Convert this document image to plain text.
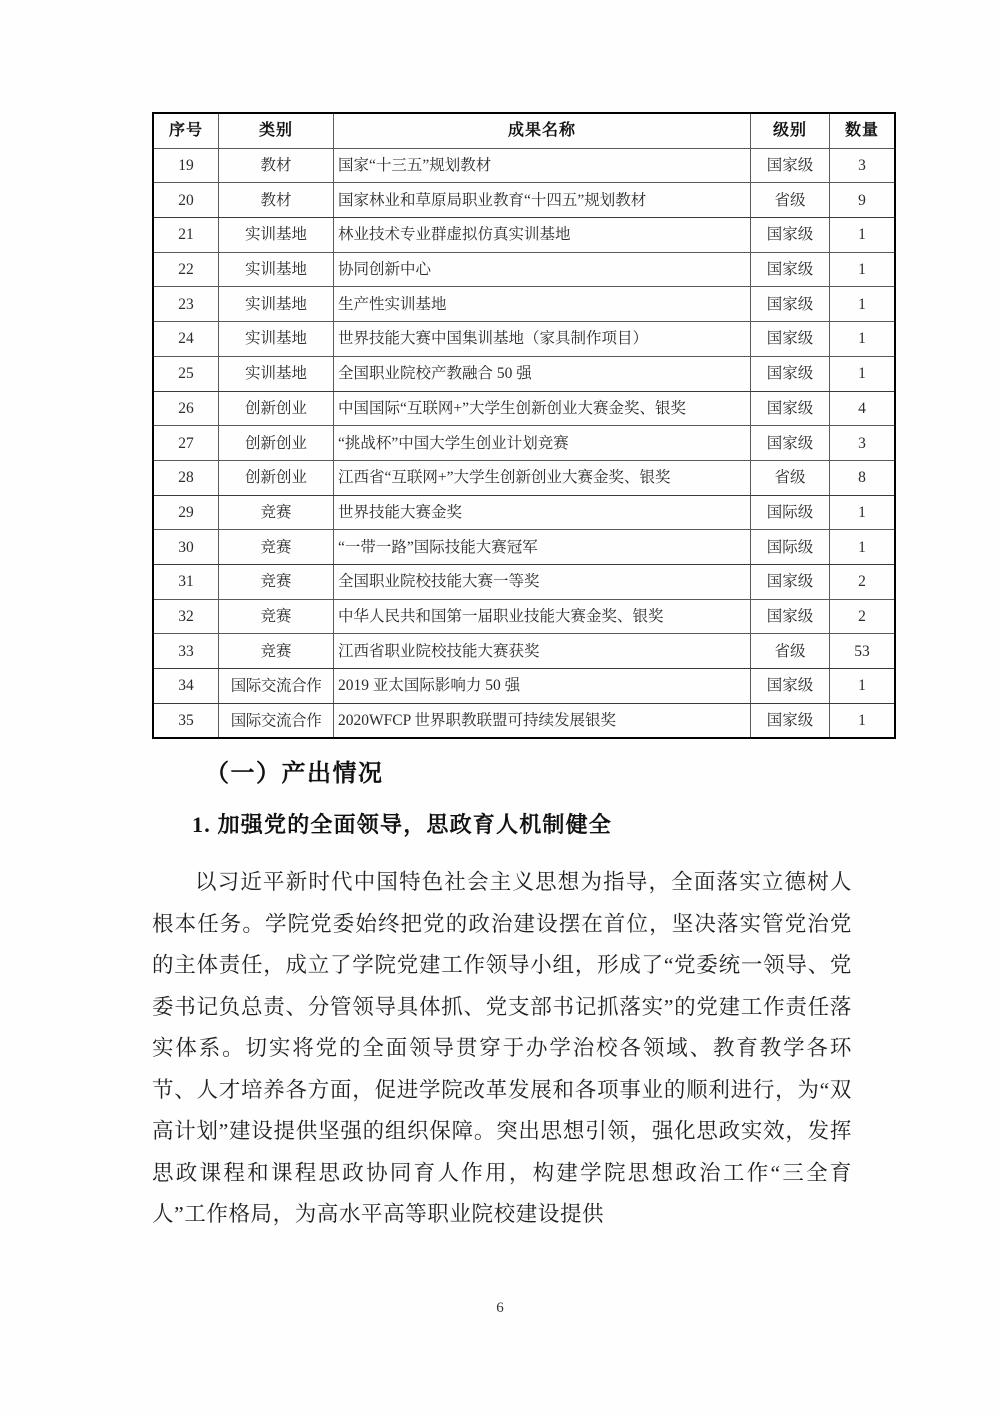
序号	类别	成果名称	级别	数量
19	教材	国家“十三五”规划教材	国家级	3
20	教材	国家林业和草原局职业教育“十四五”规划教材	省级	9
21	实训基地	林业技术专业群虚拟仿真实训基地	国家级	1
22	实训基地	协同创新中心	国家级	1
23	实训基地	生产性实训基地	国家级	1
24	实训基地	世界技能大赛中国集训基地（家具制作项目）	国家级	1
25	实训基地	全国职业院校产教融合 50 强	国家级	1
26	创新创业	中国国际“互联网+”大学生创新创业大赛金奖、银奖	国家级	4
27	创新创业	“挑战杯”中国大学生创业计划竞赛	国家级	3
28	创新创业	江西省“互联网+”大学生创新创业大赛金奖、银奖	省级	8
29	竞赛	世界技能大赛金奖	国际级	1
30	竞赛	“一带一路”国际技能大赛冠军	国际级	1
31	竞赛	全国职业院校技能大赛一等奖	国家级	2
32	竞赛	中华人民共和国第一届职业技能大赛金奖、银奖	国家级	2
33	竞赛	江西省职业院校技能大赛获奖	省级	53
34	国际交流合作	2019 亚太国际影响力 50 强	国家级	1
35	国际交流合作	2020WFCP 世界职教联盟可持续发展银奖	国家级	1
（一）产出情况
1. 加强党的全面领导，思政育人机制健全

以习近平新时代中国特色社会主义思想为指导，全面落实立德树人根本任务。学院党委始终把党的政治建设摆在首位，坚决落实管党治党的主体责任，成立了学院党建工作领导小组，形成了“党委统一领导、党委书记负总责、分管领导具体抓、党支部书记抓落实”的党建工作责任落实体系。切实将党的全面领导贯穿于办学治校各领域、教育教学各环节、人才培养各方面，促进学院改革发展和各项事业的顺利进行，为“双高计划”建设提供坚强的组织保障。突出思想引领，强化思政实效，发挥思政课程和课程思政协同育人作用，构建学院思想政治工作“三全育人”工作格局，为高水平高等职业院校建设提供

6
